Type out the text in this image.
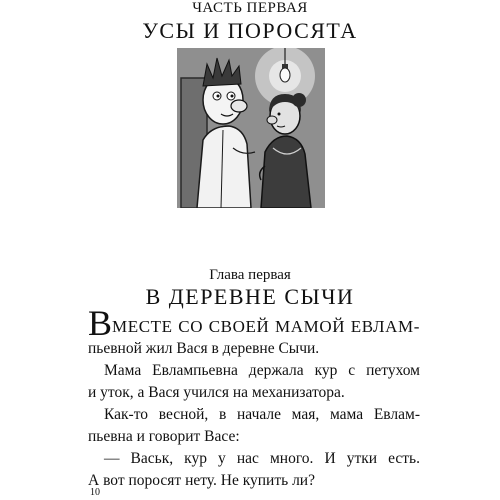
ЧАСТЬ ПЕРВАЯ
УСЫ И ПОРОСЯТА
Глава первая
В ДЕРЕВНЕ СЫЧИ
ВМЕСТЕ СО СВОЕЙ МАМОЙ ЕВЛАМ-
пьевной жил Вася в деревне Сычи.
Мама Евлампьевна держала кур с петухом
и уток, а Вася учился на механизатора.
Как-то весной, в начале мая, мама Евлам-
пьевна и говорит Васе:
— Васьк, кур у нас много. И утки есть.
А вот поросят нету. Не купить ли?
10
